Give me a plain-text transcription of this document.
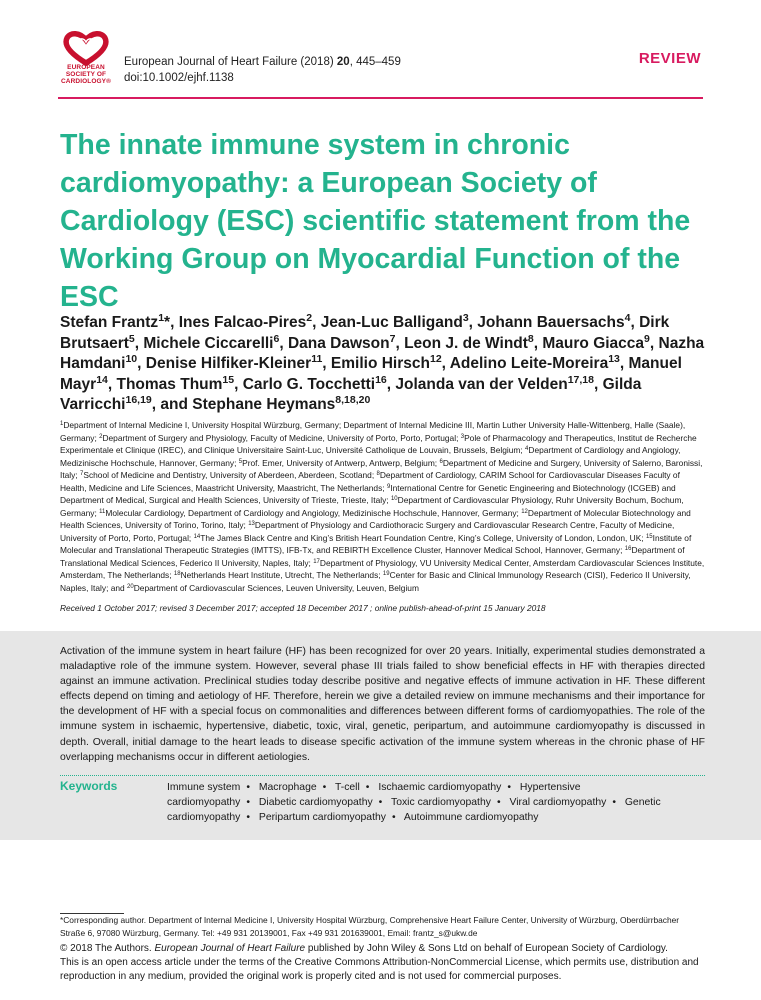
EUROPEAN
SOCIETY OF
CARDIOLOGY®
European Journal of Heart Failure (2018) 20, 445–459
doi:10.1002/ejhf.1138
REVIEW
The innate immune system in chronic cardiomyopathy: a European Society of Cardiology (ESC) scientific statement from the Working Group on Myocardial Function of the ESC
Stefan Frantz$^1$*, Ines Falcao-Pires$^2$, Jean-Luc Balligand$^3$, Johann Bauersachs$^4$, Dirk Brutsaert$^5$, Michele Ciccarelli$^6$, Dana Dawson$^7$, Leon J. de Windt$^8$, Mauro Giacca$^9$, Nazha Hamdani$^{10}$, Denise Hilfiker-Kleiner$^{11}$, Emilio Hirsch$^{12}$, Adelino Leite-Moreira$^{13}$, Manuel Mayr$^{14}$, Thomas Thum$^{15}$, Carlo G. Tocchetti$^{16}$, Jolanda van der Velden$^{17,18}$, Gilda Varricchi$^{16,19}$, and Stephane Heymans$^{8,18,20}$
$^1$Department of Internal Medicine I, University Hospital Würzburg, Germany; Department of Internal Medicine III, Martin Luther University Halle-Wittenberg, Halle (Saale), Germany; $^2$Department of Surgery and Physiology, Faculty of Medicine, University of Porto, Porto, Portugal; $^3$Pole of Pharmacology and Therapeutics, Institut de Recherche Experimentale et Clinique (IREC), and Clinique Universitaire Saint-Luc, Université Catholique de Louvain, Brussels, Belgium; $^4$Department of Cardiology and Angiology, Medizinische Hochschule, Hannover, Germany; $^5$Prof. Emer, University of Antwerp, Antwerp, Belgium; $^6$Department of Medicine and Surgery, University of Salerno, Baronissi, Italy; $^7$School of Medicine and Dentistry, University of Aberdeen, Aberdeen, Scotland; $^8$Department of Cardiology, CARIM School for Cardiovascular Diseases Faculty of Health, Medicine and Life Sciences, Maastricht University, Maastricht, The Netherlands; $^9$International Centre for Genetic Engineering and Biotechnology (ICGEB) and Department of Medical, Surgical and Health Sciences, University of Trieste, Trieste, Italy; $^{10}$Department of Cardiovascular Physiology, Ruhr University Bochum, Bochum, Germany; $^{11}$Molecular Cardiology, Department of Cardiology and Angiology, Medizinische Hochschule, Hannover, Germany; $^{12}$Department of Molecular Biotechnology and Health Sciences, University of Torino, Torino, Italy; $^{13}$Department of Physiology and Cardiothoracic Surgery and Cardiovascular Research Centre, Faculty of Medicine, University of Porto, Porto, Portugal; $^{14}$The James Black Centre and King’s British Heart Foundation Centre, King’s College, University of London, London, UK; $^{15}$Institute of Molecular and Translational Therapeutic Strategies (IMTTS), IFB-Tx, and REBIRTH Excellence Cluster, Hannover Medical School, Hannover, Germany; $^{16}$Department of Translational Medical Sciences, Federico II University, Naples, Italy; $^{17}$Department of Physiology, VU University Medical Center, Amsterdam Cardiovascular Sciences Institute, Amsterdam, The Netherlands; $^{18}$Netherlands Heart Institute, Utrecht, The Netherlands; $^{19}$Center for Basic and Clinical Immunology Research (CISI), Federico II University, Naples, Italy; and $^{20}$Department of Cardiovascular Sciences, Leuven University, Leuven, Belgium
Received 1 October 2017; revised 3 December 2017; accepted 18 December 2017 ; online publish-ahead-of-print 15 January 2018

Activation of the immune system in heart failure (HF) has been recognized for over 20 years. Initially, experimental studies demonstrated a maladaptive role of the immune system. However, several phase III trials failed to show beneficial effects in HF with therapies directed against an immune activation. Preclinical studies today describe positive and negative effects of immune activation in HF. These different effects depend on timing and aetiology of HF. Therefore, herein we give a detailed review on immune mechanisms and their importance for the development of HF with a special focus on commonalities and differences between different forms of cardiomyopathies. The role of the immune system in ischaemic, hypertensive, diabetic, toxic, viral, genetic, peripartum, and autoimmune cardiomyopathy is discussed in depth. Overall, initial damage to the heart leads to disease specific activation of the immune system whereas in the chronic phase of HF overlapping mechanisms occur in different aetiologies.

Keywords	Immune system • Macrophage • T-cell • Ischaemic cardiomyopathy • Hypertensive cardiomyopathy • Diabetic cardiomyopathy • Toxic cardiomyopathy • Viral cardiomyopathy • Genetic cardiomyopathy • Peripartum cardiomyopathy • Autoimmune cardiomyopathy
*Corresponding author. Department of Internal Medicine I, University Hospital Würzburg, Comprehensive Heart Failure Center, University of Würzburg, Oberdürrbacher Straße 6, 97080 Würzburg, Germany. Tel: +49 931 20139001, Fax +49 931 201639001, Email: frantz_s@ukw.de
© 2018 The Authors. European Journal of Heart Failure published by John Wiley & Sons Ltd on behalf of European Society of Cardiology.
This is an open access article under the terms of the Creative Commons Attribution-NonCommercial License, which permits use, distribution and reproduction in any medium, provided the original work is properly cited and is not used for commercial purposes.
